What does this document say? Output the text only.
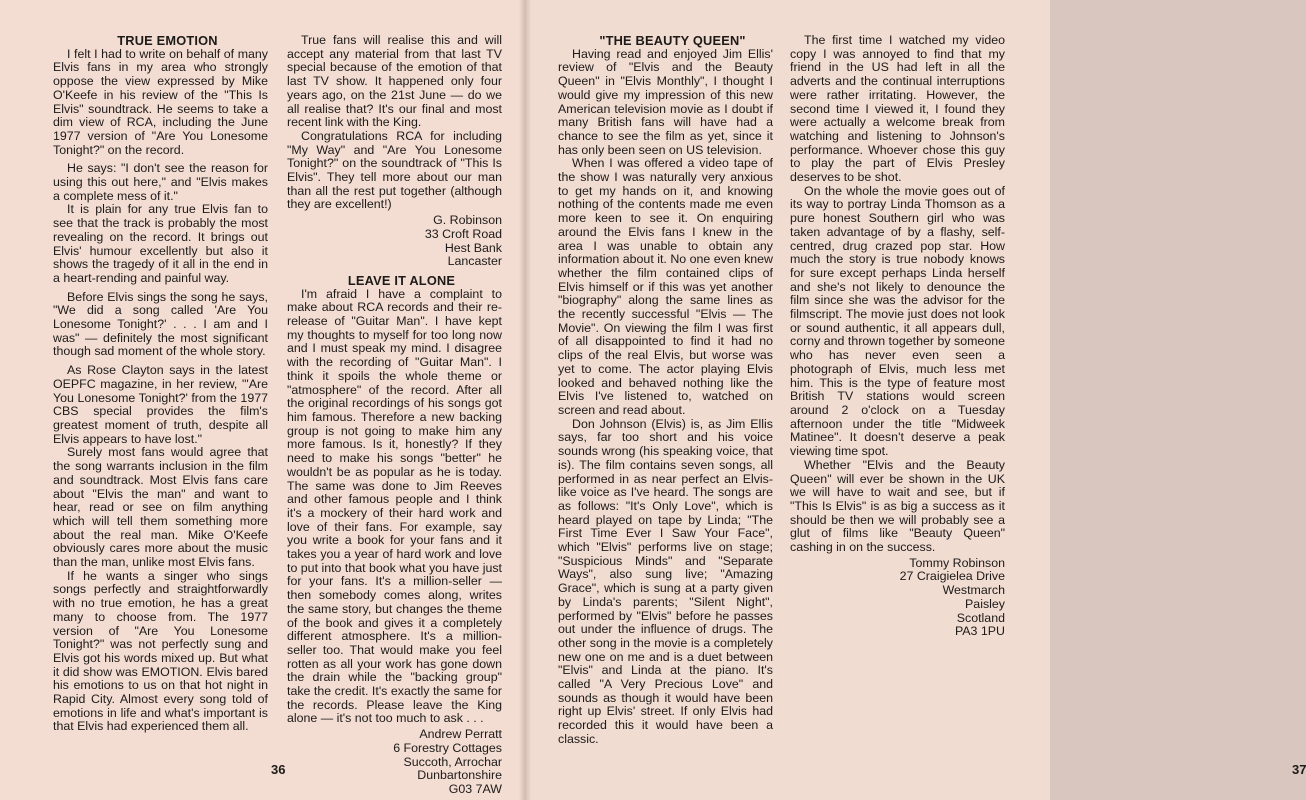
TRUE EMOTION

I felt I had to write on behalf of many Elvis fans in my area who strongly oppose the view expressed by Mike O'Keefe in his review of the "This Is Elvis" soundtrack. He seems to take a dim view of RCA, including the June 1977 version of "Are You Lonesome Tonight?" on the record.

He says: "I don't see the reason for using this out here," and "Elvis makes a complete mess of it."

It is plain for any true Elvis fan to see that the track is probably the most revealing on the record. It brings out Elvis' humour excellently but also it shows the tragedy of it all in the end in a heart-rending and painful way.

Before Elvis sings the song he says, "We did a song called 'Are You Lonesome Tonight?' . . . I am and I was" — definitely the most significant though sad moment of the whole story.

As Rose Clayton says in the latest OEPFC magazine, in her review, "'Are You Lonesome Tonight?' from the 1977 CBS special provides the film's greatest moment of truth, despite all Elvis appears to have lost."

Surely most fans would agree that the song warrants inclusion in the film and soundtrack. Most Elvis fans care about "Elvis the man" and want to hear, read or see on film anything which will tell them something more about the real man. Mike O'Keefe obviously cares more about the music than the man, unlike most Elvis fans.

If he wants a singer who sings songs perfectly and straightforwardly with no true emotion, he has a great many to choose from. The 1977 version of "Are You Lonesome Tonight?" was not perfectly sung and Elvis got his words mixed up. But what it did show was EMOTION. Elvis bared his emotions to us on that hot night in Rapid City. Almost every song told of emotions in life and what's important is that Elvis had experienced them all.

True fans will realise this and will accept any material from that last TV special because of the emotion of that last TV show. It happened only four years ago, on the 21st June — do we all realise that? It's our final and most recent link with the King.

Congratulations RCA for including "My Way" and "Are You Lonesome Tonight?" on the soundtrack of "This Is Elvis". They tell more about our man than all the rest put together (although they are excellent!)

G. Robinson
33 Croft Road
Hest Bank
Lancaster

LEAVE IT ALONE

I'm afraid I have a complaint to make about RCA records and their re-release of "Guitar Man". I have kept my thoughts to myself for too long now and I must speak my mind. I disagree with the recording of "Guitar Man". I think it spoils the whole theme or "atmosphere" of the record. After all the original recordings of his songs got him famous. Therefore a new backing group is not going to make him any more famous. Is it, honestly? If they need to make his songs "better" he wouldn't be as popular as he is today. The same was done to Jim Reeves and other famous people and I think it's a mockery of their hard work and love of their fans. For example, say you write a book for your fans and it takes you a year of hard work and love to put into that book what you have just for your fans. It's a million-seller — then somebody comes along, writes the same story, but changes the theme of the book and gives it a completely different atmosphere. It's a million-seller too. That would make you feel rotten as all your work has gone down the drain while the "backing group" take the credit. It's exactly the same for the records. Please leave the King alone — it's not too much to ask . . .

Andrew Perratt
6 Forestry Cottages
Succoth, Arrochar
Dunbartonshire
G03 7AW
36	37

"THE BEAUTY QUEEN"

Having read and enjoyed Jim Ellis' review of "Elvis and the Beauty Queen" in "Elvis Monthly", I thought I would give my impression of this new American television movie as I doubt if many British fans will have had a chance to see the film as yet, since it has only been seen on US television.

When I was offered a video tape of the show I was naturally very anxious to get my hands on it, and knowing nothing of the contents made me even more keen to see it. On enquiring around the Elvis fans I knew in the area I was unable to obtain any information about it. No one even knew whether the film contained clips of Elvis himself or if this was yet another "biography" along the same lines as the recently successful "Elvis — The Movie". On viewing the film I was first of all disappointed to find it had no clips of the real Elvis, but worse was yet to come. The actor playing Elvis looked and behaved nothing like the Elvis I've listened to, watched on screen and read about.

Don Johnson (Elvis) is, as Jim Ellis says, far too short and his voice sounds wrong (his speaking voice, that is). The film contains seven songs, all performed in as near perfect an Elvis-like voice as I've heard. The songs are as follows: "It's Only Love", which is heard played on tape by Linda; "The First Time Ever I Saw Your Face", which "Elvis" performs live on stage; "Suspicious Minds" and "Separate Ways", also sung live; "Amazing Grace", which is sung at a party given by Linda's parents; "Silent Night", performed by "Elvis" before he passes out under the influence of drugs. The other song in the movie is a completely new one on me and is a duet between "Elvis" and Linda at the piano. It's called "A Very Precious Love" and sounds as though it would have been right up Elvis' street. If only Elvis had recorded this it would have been a classic.

The first time I watched my video copy I was annoyed to find that my friend in the US had left in all the adverts and the continual interruptions were rather irritating. However, the second time I viewed it, I found they were actually a welcome break from watching and listening to Johnson's performance. Whoever chose this guy to play the part of Elvis Presley deserves to be shot.

On the whole the movie goes out of its way to portray Linda Thomson as a pure honest Southern girl who was taken advantage of by a flashy, self-centred, drug crazed pop star. How much the story is true nobody knows for sure except perhaps Linda herself and she's not likely to denounce the film since she was the advisor for the filmscript. The movie just does not look or sound authentic, it all appears dull, corny and thrown together by someone who has never even seen a photograph of Elvis, much less met him. This is the type of feature most British TV stations would screen around 2 o'clock on a Tuesday afternoon under the title "Midweek Matinee". It doesn't deserve a peak viewing time spot.

Whether "Elvis and the Beauty Queen" will ever be shown in the UK we will have to wait and see, but if "This Is Elvis" is as big a success as it should be then we will probably see a glut of films like "Beauty Queen" cashing in on the success.

Tommy Robinson
27 Craigielea Drive
Westmarch
Paisley
Scotland
PA3 1PU
